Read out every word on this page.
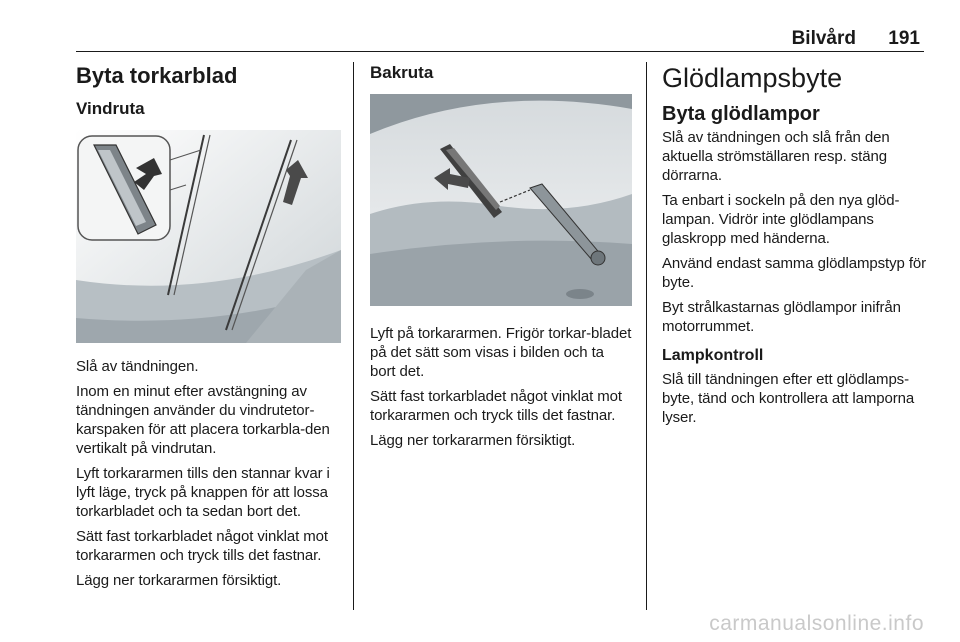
Bilvård 191
Byta torkarblad
Vindruta

Slå av tändningen.

Inom en minut efter avstängning av tändningen använder du vindrutetor-karspaken för att placera torkarbla-den vertikalt på vindrutan.

Lyft torkararmen tills den stannar kvar i lyft läge, tryck på knappen för att lossa torkarbladet och ta sedan bort det.

Sätt fast torkarbladet något vinklat mot torkararmen och tryck tills det fastnar.

Lägg ner torkararmen försiktigt.

Bakruta

Lyft på torkararmen. Frigör torkar-bladet på det sätt som visas i bilden och ta bort det.

Sätt fast torkarbladet något vinklat mot torkararmen och tryck tills det fastnar.

Lägg ner torkararmen försiktigt.

Glödlampsbyte
Byta glödlampor

Slå av tändningen och slå från den aktuella strömställaren resp. stäng dörrarna.

Ta enbart i sockeln på den nya glöd-lampan. Vidrör inte glödlampans glaskropp med händerna.

Använd endast samma glödlampstyp för byte.

Byt strålkastarnas glödlampor inifrån motorrummet.

Lampkontroll

Slå till tändningen efter ett glödlamps-byte, tänd och kontrollera att lamporna lyser.

carmanualsonline.info
